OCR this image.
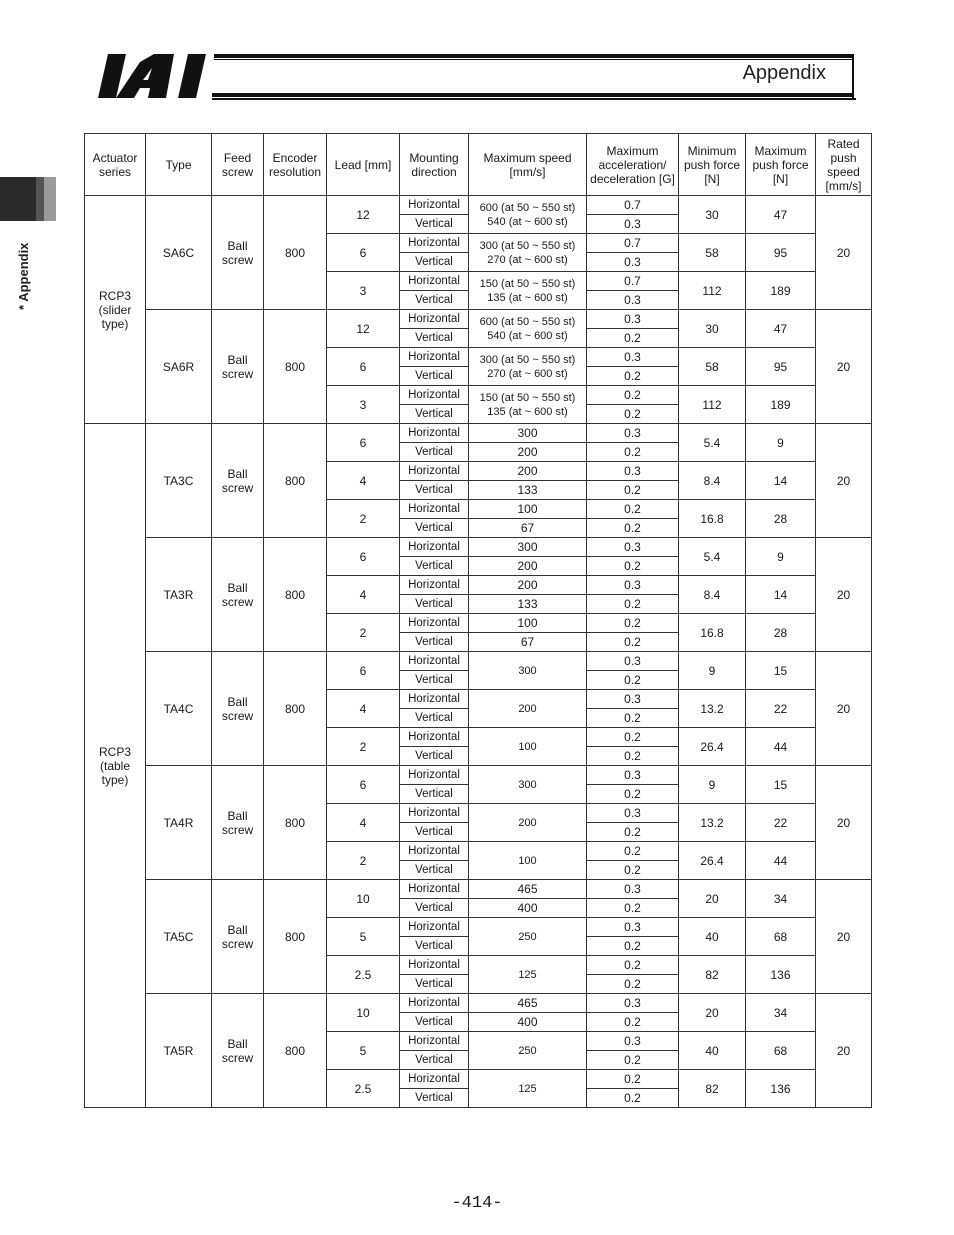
Appendix
* Appendix
Actuator series	Type	Feed screw	Encoder resolution	Lead [mm]	Mounting direction	Maximum speed [mm/s]	Maximum acceleration/ deceleration [G]	Minimum push force [N]	Maximum push force [N]	Rated push speed [mm/s]
RCP3 (slider type)	SA6C	Ball screw	800	12	Horizontal	600 (at 50 ~ 550 st) 540 (at ~ 600 st)	0.7	30	47	20
					Vertical		0.3			
				6	Horizontal	300 (at 50 ~ 550 st) 270 (at ~ 600 st)	0.7	58	95	
					Vertical		0.3			
				3	Horizontal	150 (at 50 ~ 550 st) 135 (at ~ 600 st)	0.7	112	189	
					Vertical		0.3			
	SA6R	Ball screw	800	12	Horizontal	600 (at 50 ~ 550 st) 540 (at ~ 600 st)	0.3	30	47	20
					Vertical		0.2			
				6	Horizontal	300 (at 50 ~ 550 st) 270 (at ~ 600 st)	0.3	58	95	
					Vertical		0.2			
				3	Horizontal	150 (at 50 ~ 550 st) 135 (at ~ 600 st)	0.2	112	189	
					Vertical		0.2			
RCP3 (table type)	TA3C	Ball screw	800	6	Horizontal	300	0.3	5.4	9	20
					Vertical	200	0.2			
				4	Horizontal	200	0.3	8.4	14	
					Vertical	133	0.2			
				2	Horizontal	100	0.2	16.8	28	
					Vertical	67	0.2			
	TA3R	Ball screw	800	6	Horizontal	300	0.3	5.4	9	20
					Vertical	200	0.2			
				4	Horizontal	200	0.3	8.4	14	
					Vertical	133	0.2			
				2	Horizontal	100	0.2	16.8	28	
					Vertical	67	0.2			
	TA4C	Ball screw	800	6	Horizontal	300	0.3	9	15	20
					Vertical		0.2			
				4	Horizontal	200	0.3	13.2	22	
					Vertical		0.2			
				2	Horizontal	100	0.2	26.4	44	
					Vertical		0.2			
	TA4R	Ball screw	800	6	Horizontal	300	0.3	9	15	20
					Vertical		0.2			
				4	Horizontal	200	0.3	13.2	22	
					Vertical		0.2			
				2	Horizontal	100	0.2	26.4	44	
					Vertical		0.2			
	TA5C	Ball screw	800	10	Horizontal	465	0.3	20	34	20
					Vertical	400	0.2			
				5	Horizontal	250	0.3	40	68	
					Vertical		0.2			
				2.5	Horizontal	125	0.2	82	136	
					Vertical		0.2			
	TA5R	Ball screw	800	10	Horizontal	465	0.3	20	34	20
					Vertical	400	0.2			
				5	Horizontal	250	0.3	40	68	
					Vertical		0.2			
				2.5	Horizontal	125	0.2	82	136	
					Vertical		0.2			
-414-
